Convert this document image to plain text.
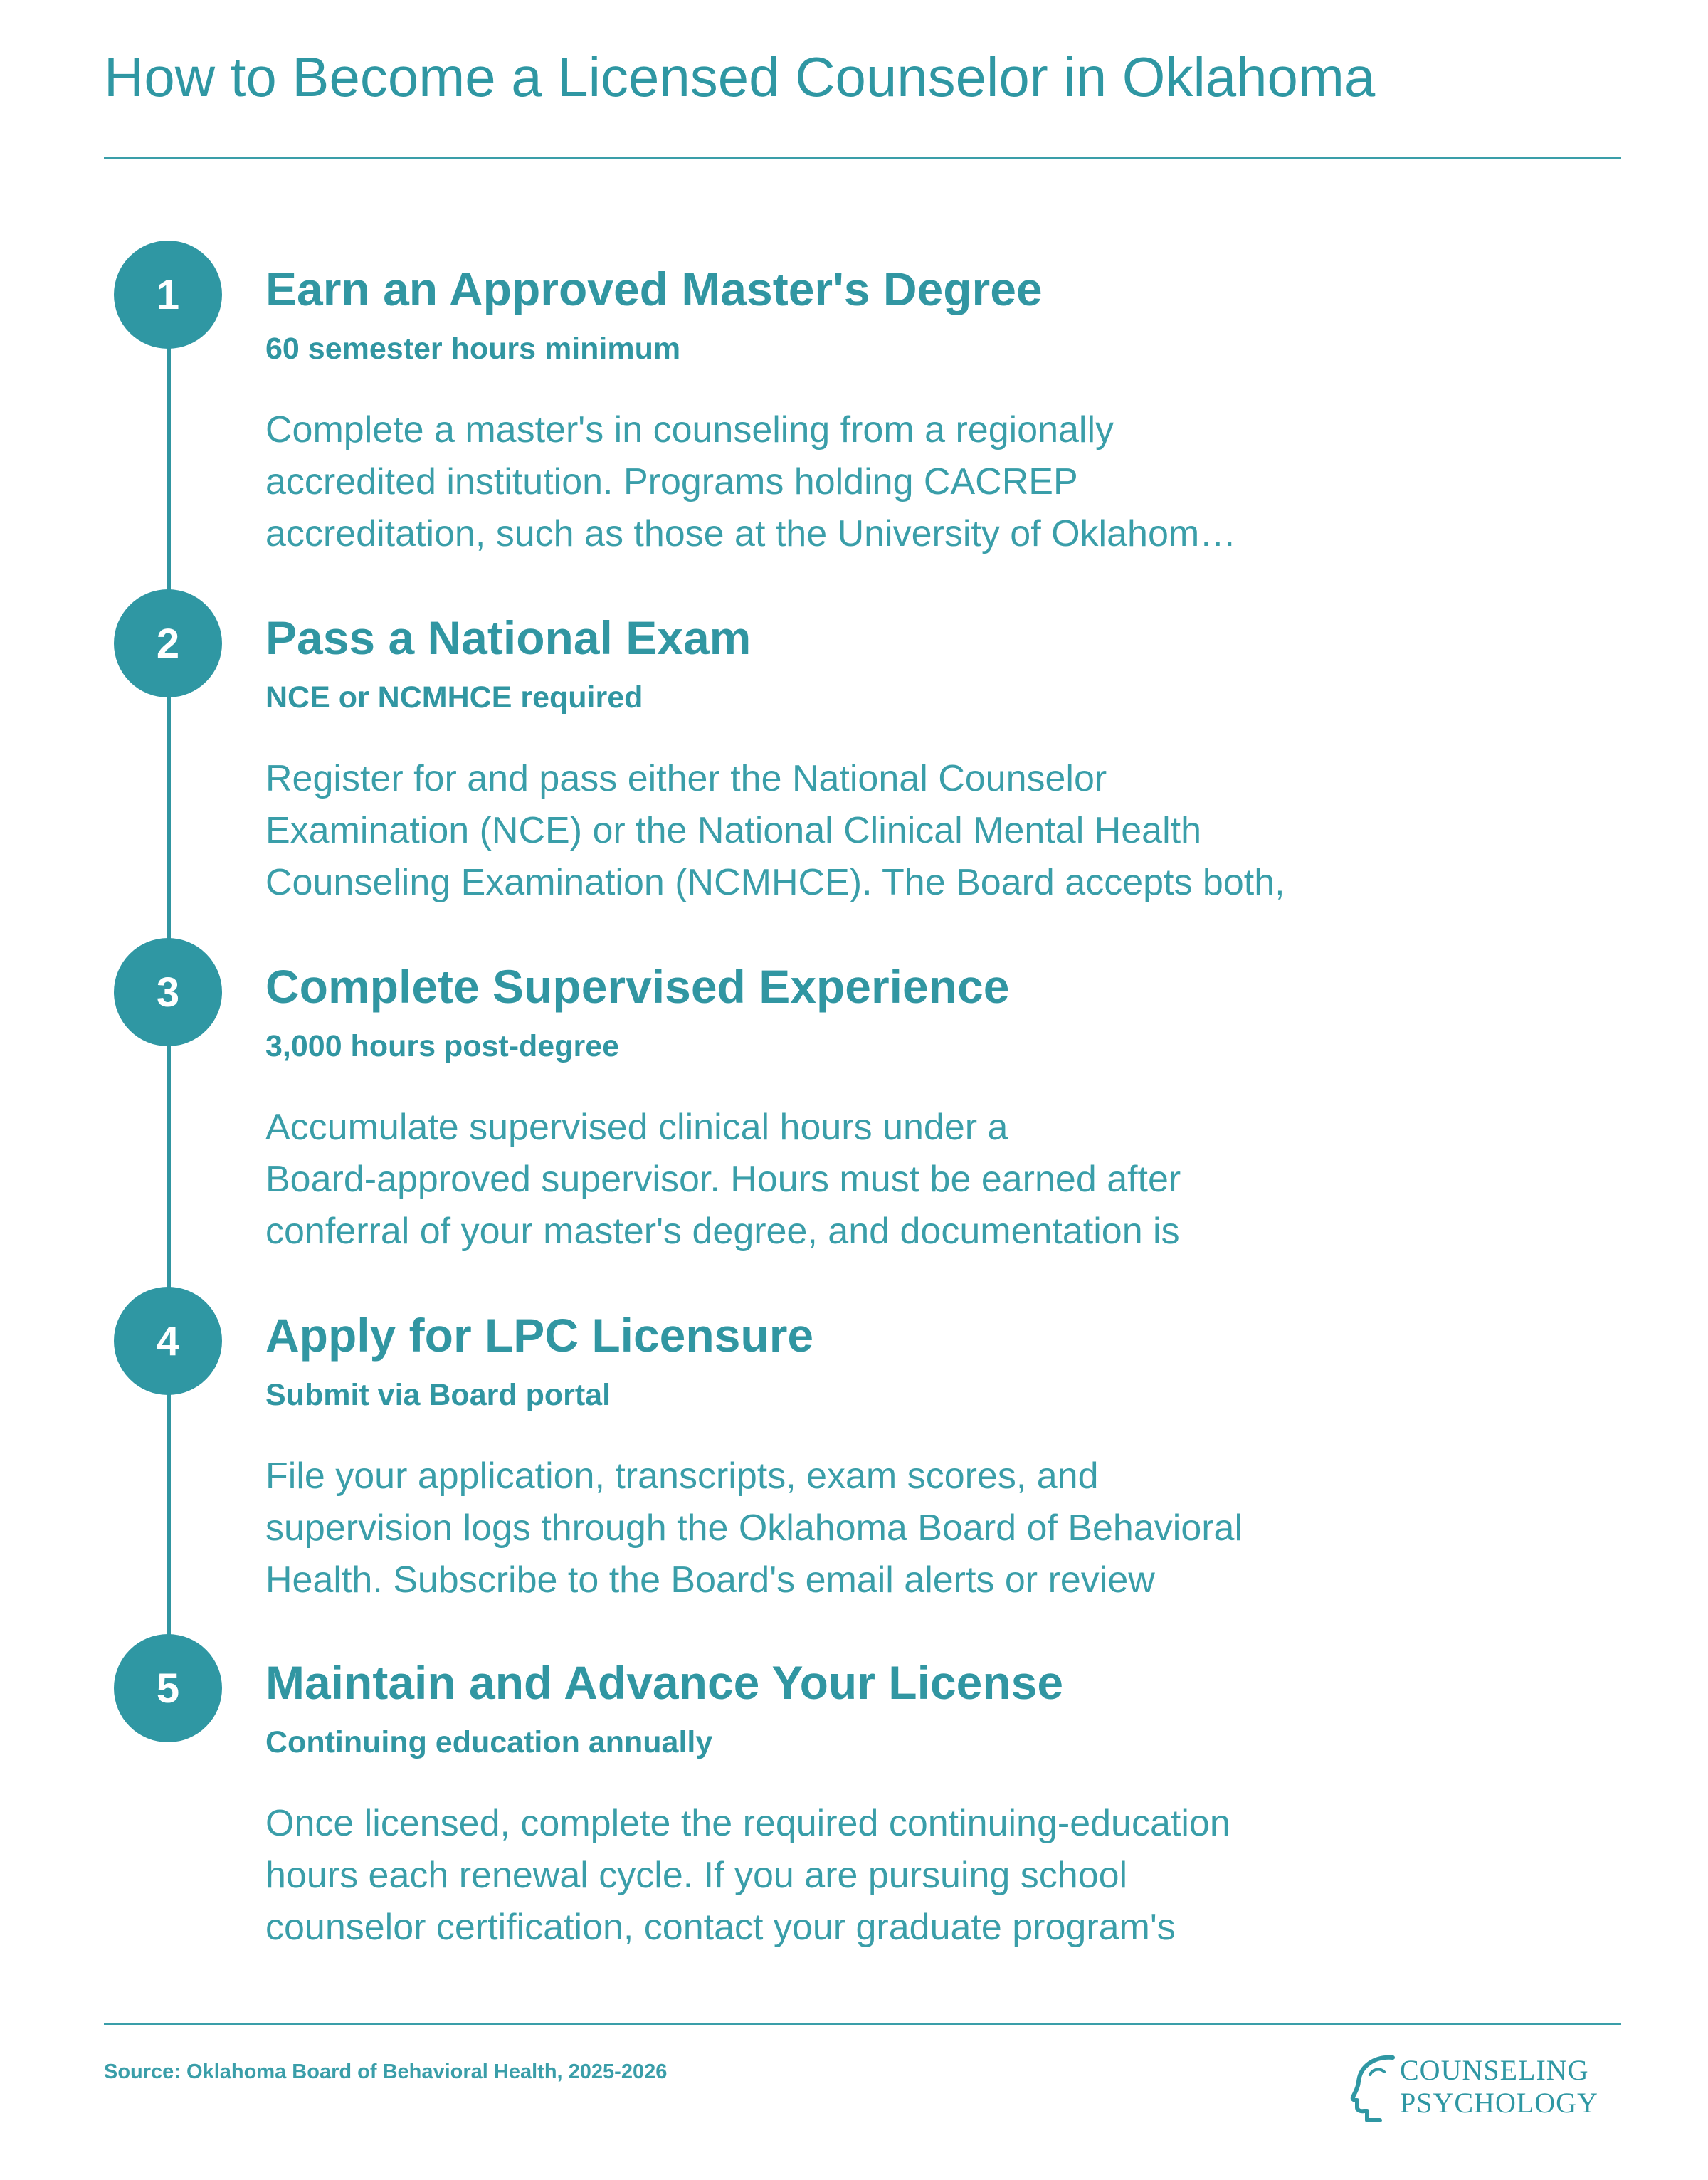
How to Become a Licensed Counselor in Oklahoma
1	Earn an Approved Master's Degree
60 semester hours minimum
Complete a master's in counseling from a regionally
accredited institution. Programs holding CACREP
accreditation, such as those at the University of Oklahom…
2	Pass a National Exam
NCE or NCMHCE required
Register for and pass either the National Counselor
Examination (NCE) or the National Clinical Mental Health
Counseling Examination (NCMHCE). The Board accepts both,
3	Complete Supervised Experience
3,000 hours post-degree
Accumulate supervised clinical hours under a
Board-approved supervisor. Hours must be earned after
conferral of your master's degree, and documentation is
4	Apply for LPC Licensure
Submit via Board portal
File your application, transcripts, exam scores, and
supervision logs through the Oklahoma Board of Behavioral
Health. Subscribe to the Board's email alerts or review
5	Maintain and Advance Your License
Continuing education annually
Once licensed, complete the required continuing-education
hours each renewal cycle. If you are pursuing school
counselor certification, contact your graduate program's
Source: Oklahoma Board of Behavioral Health, 2025-2026	COUNSELING
PSYCHOLOGY
